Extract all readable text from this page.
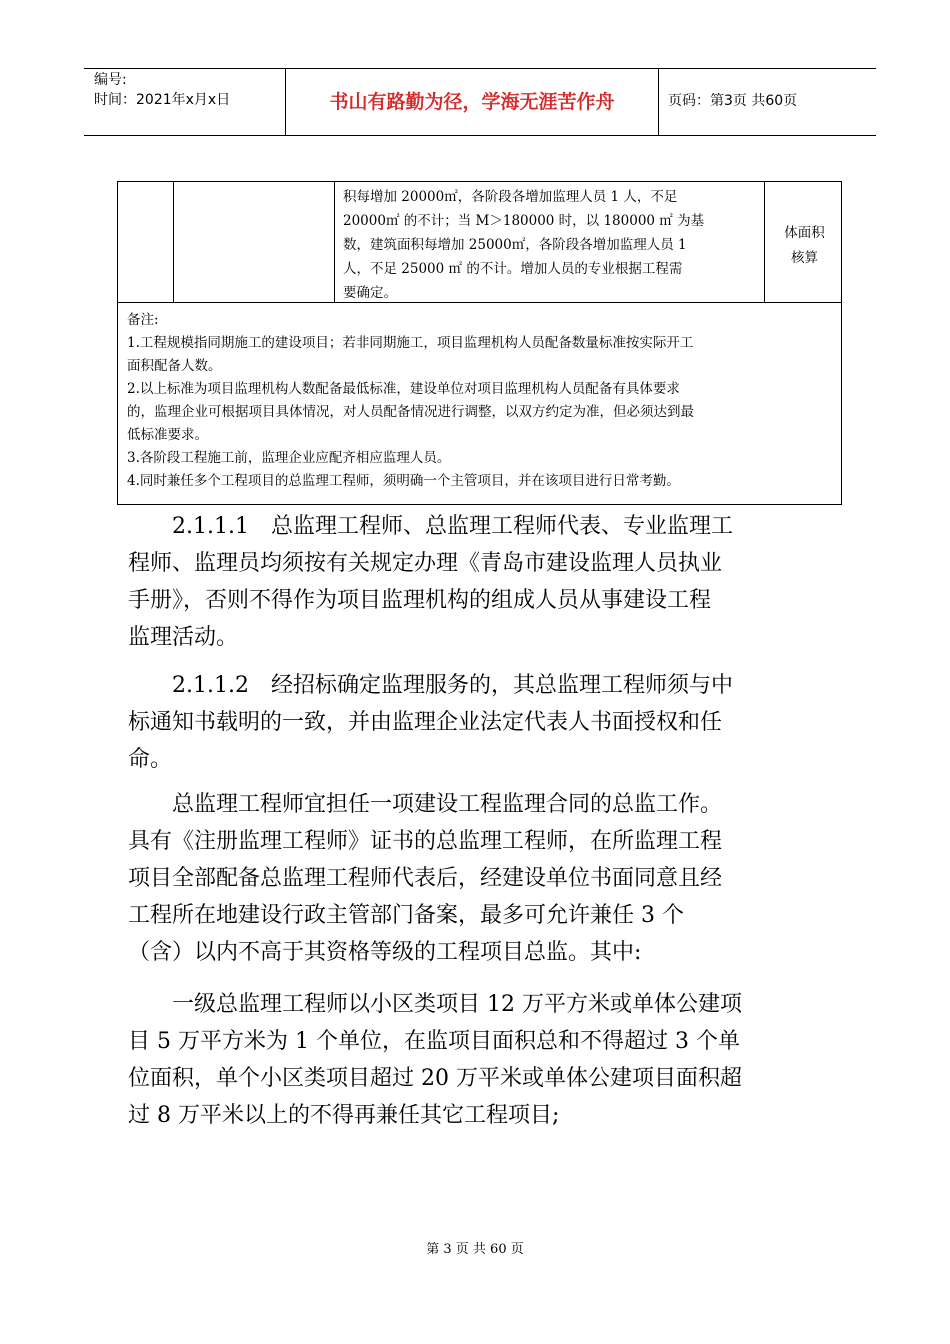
编号:
时间：2021年x月x日	书山有路勤为径，学海无涯苦作舟	页码：第3页 共60页
积每增加 20000㎡，各阶段各增加监理人员 1 人，不足
20000㎡ 的不计；当 M＞180000 时，以 180000 ㎡ 为基
数，建筑面积每增加 25000㎡，各阶段各增加监理人员 1
人，不足 25000 ㎡ 的不计。增加人员的专业根据工程需
要确定。
体面积
核算
备注:
1.工程规模指同期施工的建设项目；若非同期施工，项目监理机构人员配备数量标准按实际开工
面积配备人数。
2.以上标准为项目监理机构人数配备最低标准，建设单位对项目监理机构人员配备有具体要求
的，监理企业可根据项目具体情况，对人员配备情况进行调整，以双方约定为准，但必须达到最
低标准要求。
3.各阶段工程施工前，监理企业应配齐相应监理人员。
4.同时兼任多个工程项目的总监理工程师，须明确一个主管项目，并在该项目进行日常考勤。
　　2.1.1.1　总监理工程师、总监理工程师代表、专业监理工
程师、监理员均须按有关规定办理《青岛市建设监理人员执业
手册》，否则不得作为项目监理机构的组成人员从事建设工程
监理活动。
　　2.1.1.2　经招标确定监理服务的，其总监理工程师须与中
标通知书载明的一致，并由监理企业法定代表人书面授权和任
命。
　　总监理工程师宜担任一项建设工程监理合同的总监工作。
具有《注册监理工程师》证书的总监理工程师，在所监理工程
项目全部配备总监理工程师代表后，经建设单位书面同意且经
工程所在地建设行政主管部门备案，最多可允许兼任 3 个
（含）以内不高于其资格等级的工程项目总监。其中:
　　一级总监理工程师以小区类项目 12 万平方米或单体公建项
目 5 万平方米为 1 个单位，在监项目面积总和不得超过 3 个单
位面积，单个小区类项目超过 20 万平米或单体公建项目面积超
过 8 万平米以上的不得再兼任其它工程项目;
第 3 页 共 60 页
